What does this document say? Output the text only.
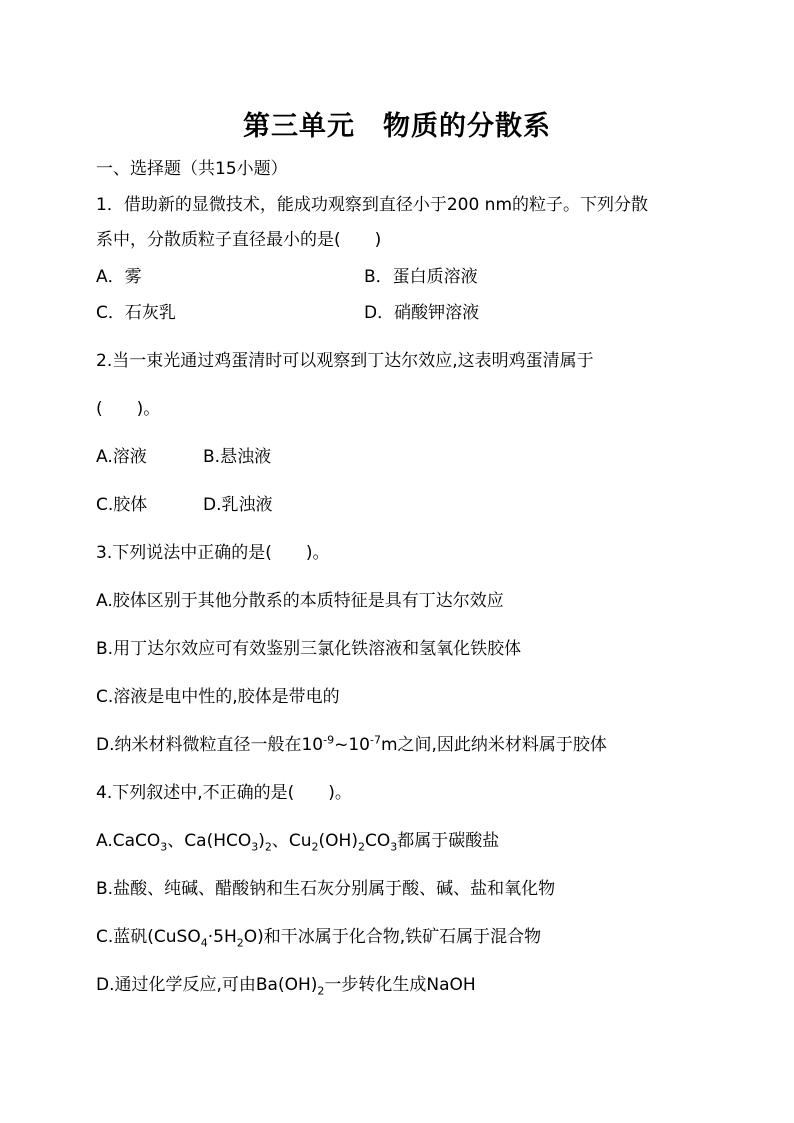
第三单元　物质的分散系
一、选择题（共15小题）
1．借助新的显微技术，能成功观察到直径小于200 nm的粒子。下列分散
系中，分散质粒子直径最小的是(　　)
A．雾	B．蛋白质溶液
C．石灰乳	D．硝酸钾溶液
2.当一束光通过鸡蛋清时可以观察到丁达尔效应,这表明鸡蛋清属于
(　　)。
A.溶液	B.悬浊液
C.胶体	D.乳浊液
3.下列说法中正确的是(　　)。
A.胶体区别于其他分散系的本质特征是具有丁达尔效应
B.用丁达尔效应可有效鉴别三氯化铁溶液和氢氧化铁胶体
C.溶液是电中性的,胶体是带电的
D.纳米材料微粒直径一般在$10^{-9}\sim 10^{-7}m$之间,因此纳米材料属于胶体
4.下列叙述中,不正确的是(　　)。
A.CaCO$_3$、$Ca(HCO_3)_2$、$Cu_2(OH)_2CO_3$都属于碳酸盐
B.盐酸、纯碱、醋酸钠和生石灰分别属于酸、碱、盐和氧化物
C.蓝矾$(CuSO_4\cdot 5H_2O)$和干冰属于化合物,铁矿石属于混合物
D.通过化学反应,可由$Ba(OH)_2$一步转化生成NaOH
